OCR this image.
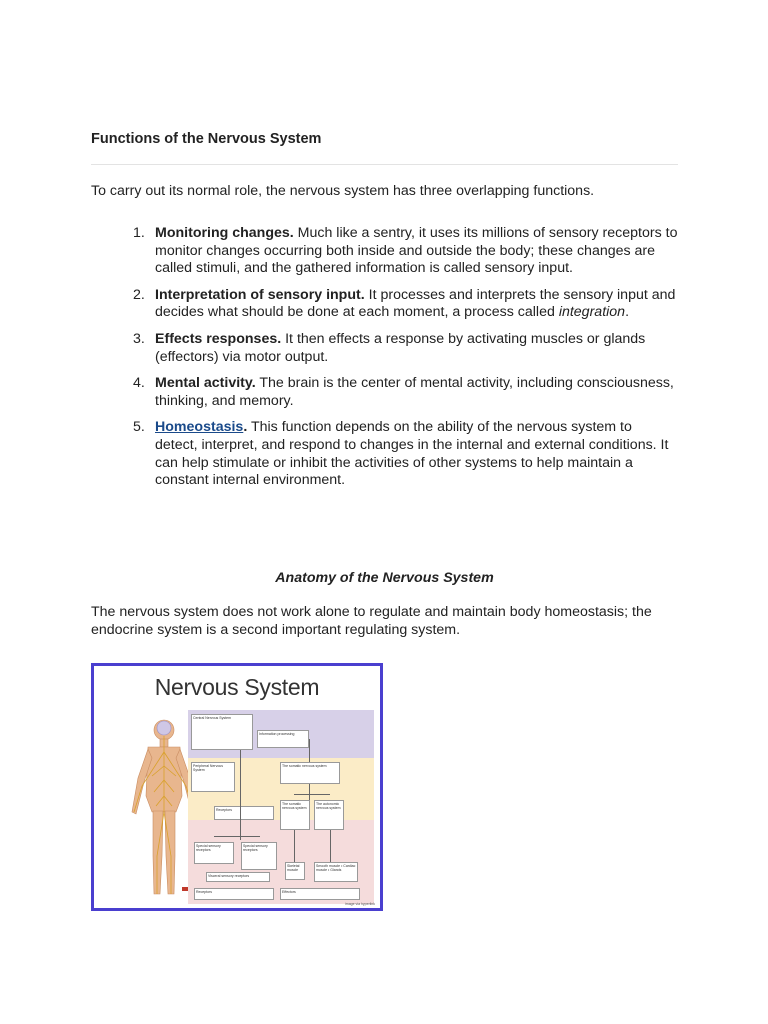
Functions of the Nervous System
To carry out its normal role, the nervous system has three overlapping functions.
1. Monitoring changes. Much like a sentry, it uses its millions of sensory receptors to monitor changes occurring both inside and outside the body; these changes are called stimuli, and the gathered information is called sensory input.
2. Interpretation of sensory input. It processes and interprets the sensory input and decides what should be done at each moment, a process called integration.
3. Effects responses. It then effects a response by activating muscles or glands (effectors) via motor output.
4. Mental activity. The brain is the center of mental activity, including consciousness, thinking, and memory.
5. Homeostasis. This function depends on the ability of the nervous system to detect, interpret, and respond to changes in the internal and external conditions. It can help stimulate or inhibit the activities of other systems to help maintain a constant internal environment.
Anatomy of the Nervous System
The nervous system does not work alone to regulate and maintain body homeostasis; the endocrine system is a second important regulating system.
Nervous System
Central Nervous System
Information processing
Peripheral Nervous System
The somatic nervous system
Receptors
The somatic nervous system
The autonomic nervous system
Special sensory receptors
Special sensory receptors
Visceral sensory receptors
Skeletal muscle
Smooth muscle • Cardiac muscle • Glands
Receptors	Effectors
image via hyperlink
